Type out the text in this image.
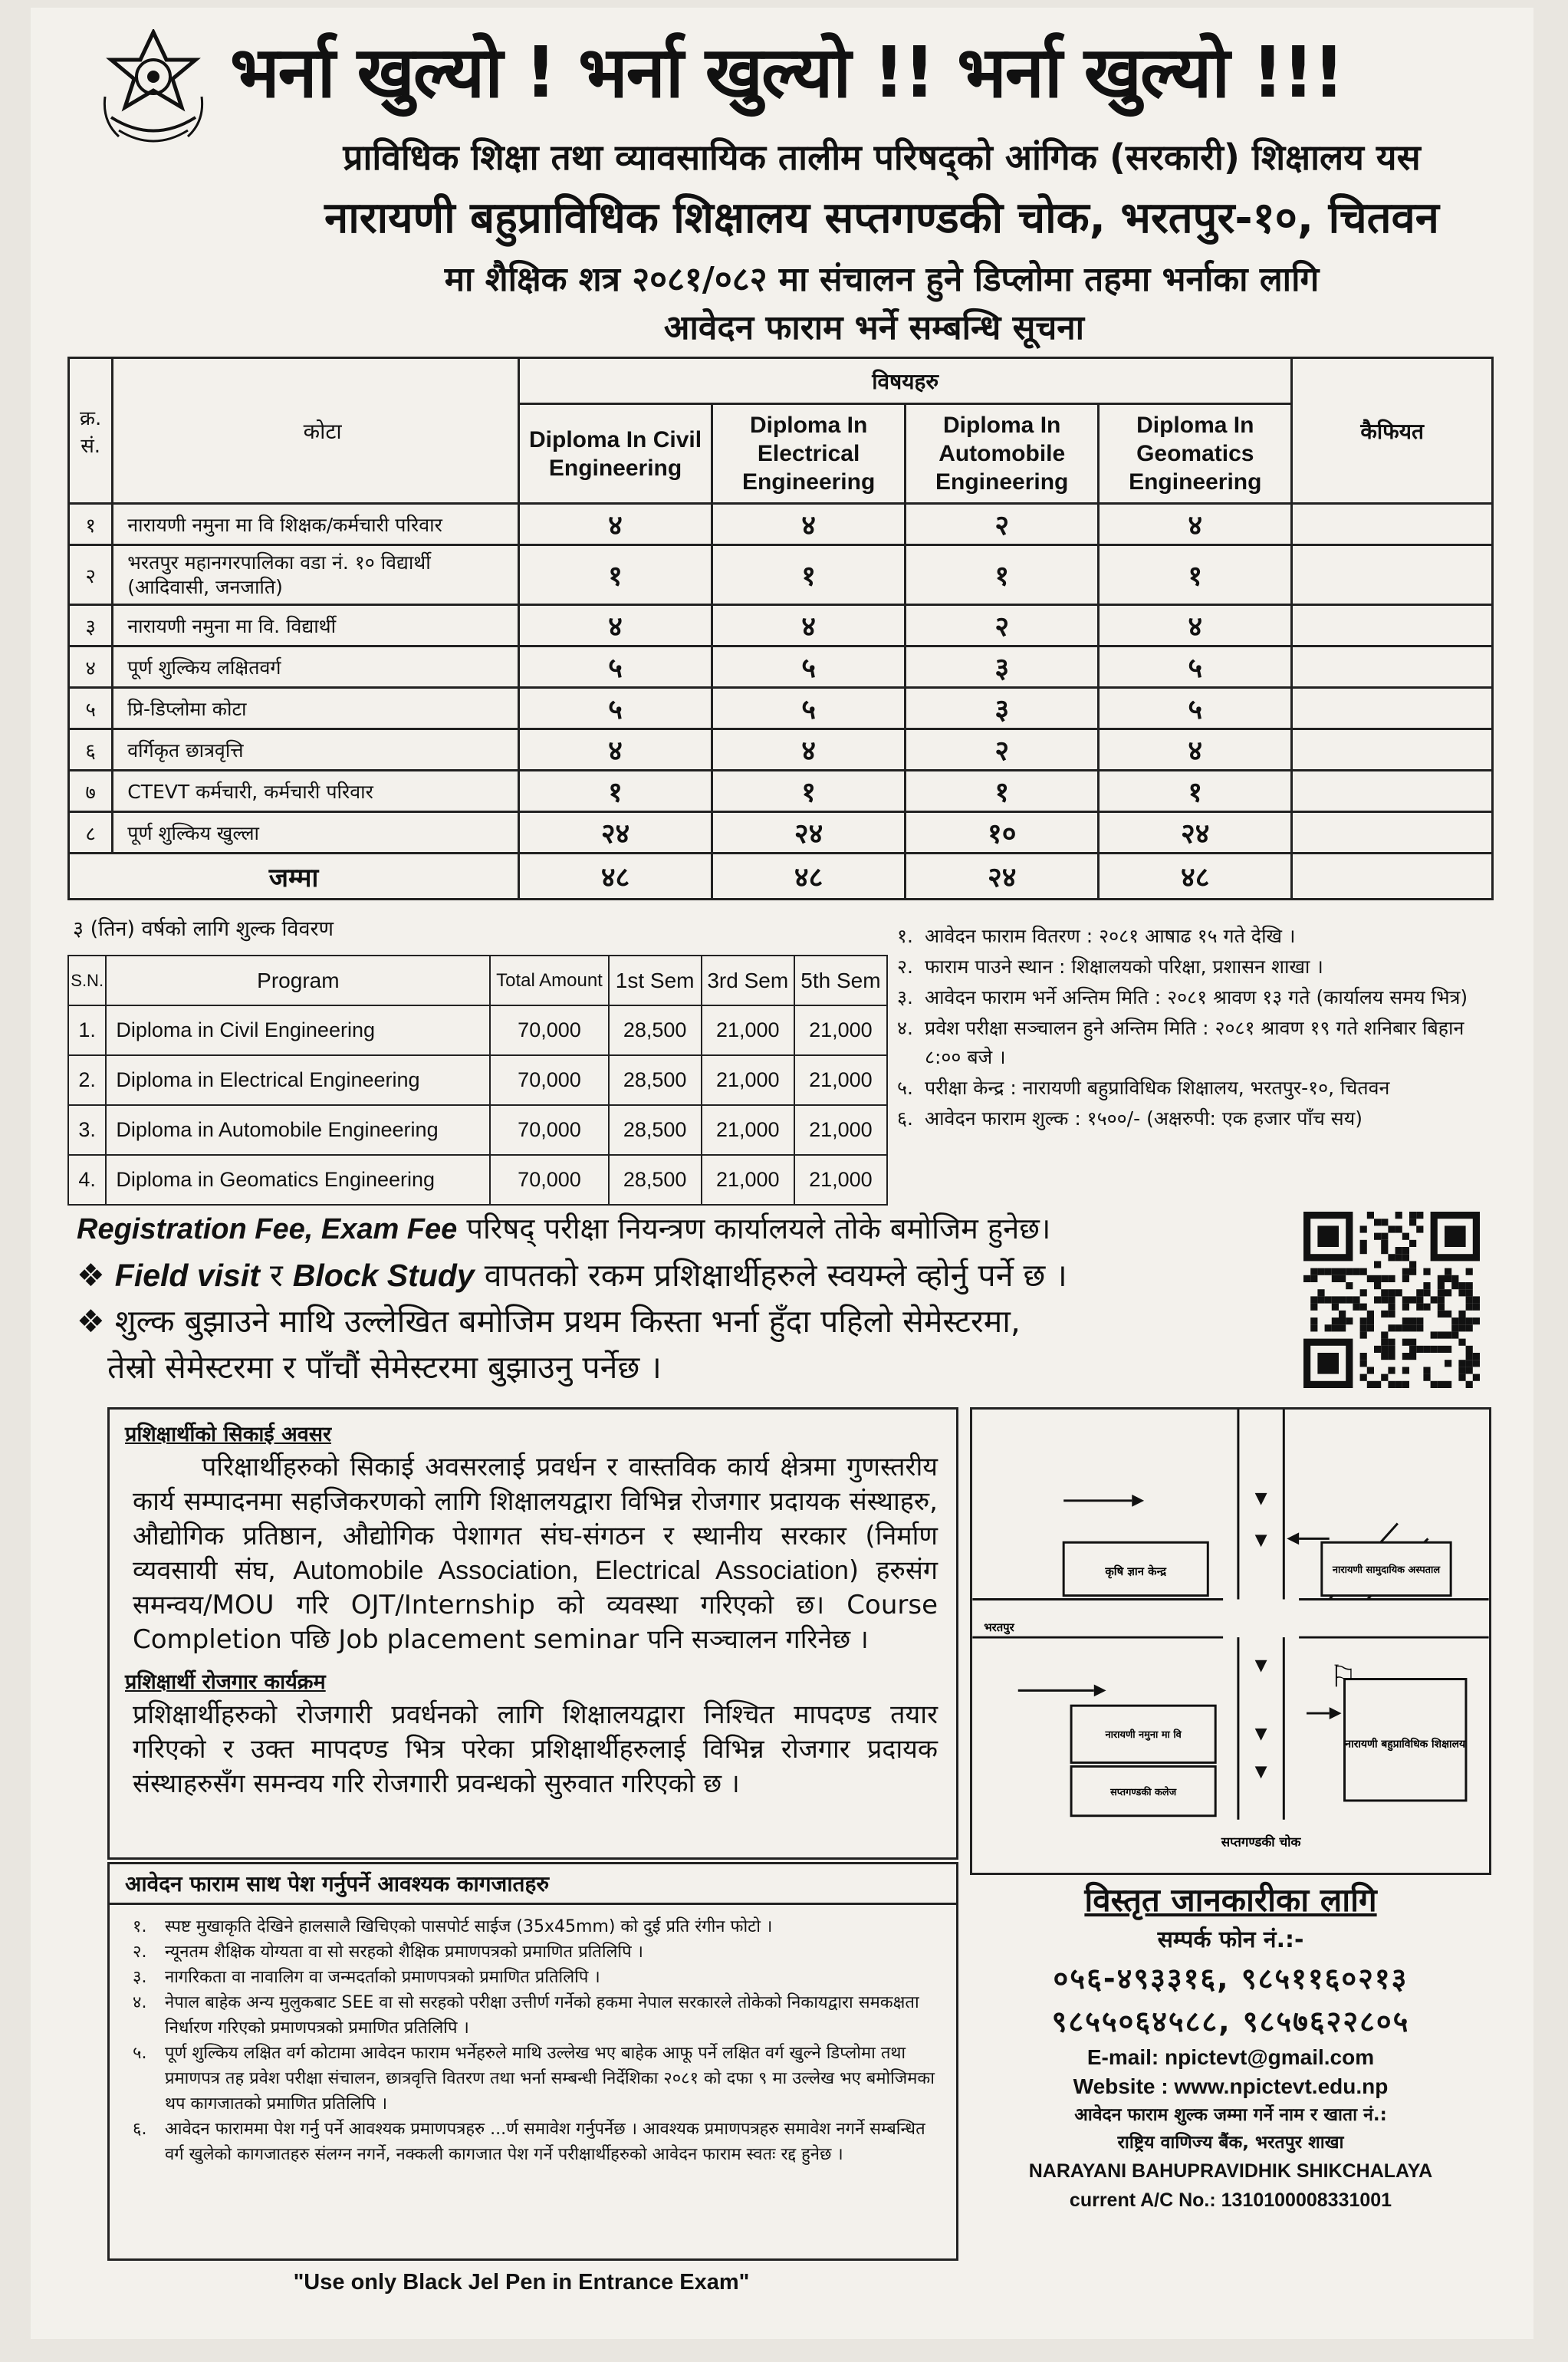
भर्ना खुल्यो ! भर्ना खुल्यो !! भर्ना खुल्यो !!!
प्राविधिक शिक्षा तथा व्यावसायिक तालीम परिषद्को आंगिक (सरकारी) शिक्षालय यस
नारायणी बहुप्राविधिक शिक्षालय सप्तगण्डकी चोक, भरतपुर-१०, चितवन
मा शैक्षिक शत्र २०८१/०८२ मा संचालन हुने डिप्लोमा तहमा भर्नाका लागि
आवेदन फाराम भर्ने सम्बन्धि सूचना
क्र. सं.	कोटा	विषयहरु				कैफियत
		Diploma In Civil Engineering	Diploma In Electrical Engineering	Diploma In Automobile Engineering	Diploma In Geomatics Engineering	
१	नारायणी नमुना मा वि शिक्षक/कर्मचारी परिवार	४	४	२	४	
२	भरतपुर महानगरपालिका वडा नं. १० विद्यार्थी (आदिवासी, जनजाति)	१	१	१	१	
३	नारायणी नमुना मा वि. विद्यार्थी	४	४	२	४	
४	पूर्ण शुल्किय लक्षितवर्ग	५	५	३	५	
५	प्रि-डिप्लोमा कोटा	५	५	३	५	
६	वर्गिकृत छात्रवृत्ति	४	४	२	४	
७	CTEVT कर्मचारी, कर्मचारी परिवार	१	१	१	१	
८	पूर्ण शुल्किय खुल्ला	२४	२४	१०	२४	
जम्मा		४८	४८	२४	४८	
३ (तिन) वर्षको लागि शुल्क विवरण
S.N.	Program	Total Amount	1st Sem	3rd Sem	5th Sem
1.	Diploma in Civil Engineering	70,000	28,500	21,000	21,000
2.	Diploma in Electrical Engineering	70,000	28,500	21,000	21,000
3.	Diploma in Automobile Engineering	70,000	28,500	21,000	21,000
4.	Diploma in Geomatics Engineering	70,000	28,500	21,000	21,000
१. आवेदन फाराम वितरण : २०८१ आषाढ १५ गते देखि ।
२. फाराम पाउने स्थान : शिक्षालयको परिक्षा, प्रशासन शाखा ।
३. आवेदन फाराम भर्ने अन्तिम मिति : २०८१ श्रावण १३ गते (कार्यालय समय भित्र)
४. प्रवेश परीक्षा सञ्चालन हुने अन्तिम मिति : २०८१ श्रावण १९ गते शनिबार बिहान ८:०० बजे ।
५. परीक्षा केन्द्र : नारायणी बहुप्राविधिक शिक्षालय, भरतपुर-१०, चितवन
६. आवेदन फाराम शुल्क : १५००/- (अक्षरुपी: एक हजार पाँच सय)
Registration Fee, Exam Fee परिषद् परीक्षा नियन्त्रण कार्यालयले तोके बमोजिम हुनेछ।
❖ Field visit र Block Study वापतको रकम प्रशिक्षार्थीहरुले स्वयम्ले व्होर्नु पर्ने छ ।
❖ शुल्क बुझाउने माथि उल्लेखित बमोजिम प्रथम किस्ता भर्ना हुँदा पहिलो सेमेस्टरमा,
तेस्रो सेमेस्टरमा र पाँचौं सेमेस्टरमा बुझाउनु पर्नेछ ।
प्रशिक्षार्थीको सिकाई अवसर

परिक्षार्थीहरुको सिकाई अवसरलाई प्रवर्धन र वास्तविक कार्य क्षेत्रमा गुणस्तरीय कार्य सम्पादनमा सहजिकरणको लागि शिक्षालयद्वारा विभिन्न रोजगार प्रदायक संस्थाहरु, औद्योगिक प्रतिष्ठान, औद्योगिक पेशागत संघ-संगठन र स्थानीय सरकार (निर्माण व्यवसायी संघ, Automobile Association, Electrical Association) हरुसंग समन्वय/MOU गरि OJT/Internship को व्यवस्था गरिएको छ। Course Completion पछि Job placement seminar पनि सञ्चालन गरिनेछ ।

प्रशिक्षार्थी रोजगार कार्यक्रम

प्रशिक्षार्थीहरुको रोजगारी प्रवर्धनको लागि शिक्षालयद्वारा निश्चित मापदण्ड तयार गरिएको र उक्त मापदण्ड भित्र परेका प्रशिक्षार्थीहरुलाई विभिन्न रोजगार प्रदायक संस्थाहरुसँग समन्वय गरि रोजगारी प्रवन्धको सुरुवात गरिएको छ ।

कृषि ज्ञान केन्द्र	नारायणी सामुदायिक अस्पताल
भरतपुर
नारायणी नमुना मा वि
सप्तगण्डकी कलेज
नारायणी बहुप्राविधिक शिक्षालय
⚐
सप्तगण्डकी चोक
आवेदन फाराम साथ पेश गर्नुपर्ने आवश्यक कागजातहरु
१.	स्पष्ट मुखाकृति देखिने हालसालै खिचिएको पासपोर्ट साईज (35x45mm) को दुई प्रति रंगीन फोटो ।
२.	न्यूनतम शैक्षिक योग्यता वा सो सरहको शैक्षिक प्रमाणपत्रको प्रमाणित प्रतिलिपि ।
३.	नागरिकता वा नावालिग वा जन्मदर्ताको प्रमाणपत्रको प्रमाणित प्रतिलिपि ।
४.	नेपाल बाहेक अन्य मुलुकबाट SEE वा सो सरहको परीक्षा उत्तीर्ण गर्नेको हकमा नेपाल सरकारले तोकेको निकायद्वारा समकक्षता निर्धारण गरिएको प्रमाणपत्रको प्रमाणित प्रतिलिपि ।
५.	पूर्ण शुल्किय लक्षित वर्ग कोटामा आवेदन फाराम भर्नेहरुले माथि उल्लेख भए बाहेक आफू पर्ने लक्षित वर्ग खुल्ने डिप्लोमा तथा प्रमाणपत्र तह प्रवेश परीक्षा संचालन, छात्रवृत्ति वितरण तथा भर्ना सम्बन्धी निर्देशिका २०८१ को दफा ९ मा उल्लेख भए बमोजिमका थप कागजातको प्रमाणित प्रतिलिपि ।
६.	आवेदन फाराममा पेश गर्नु पर्ने आवश्यक प्रमाणपत्रहरु ...र्ण समावेश गर्नुपर्नेछ । आवश्यक प्रमाणपत्रहरु समावेश नगर्ने सम्बन्धित वर्ग खुलेको कागजातहरु संलग्न नगर्ने, नक्कली कागजात पेश गर्ने परीक्षार्थीहरुको आवेदन फाराम स्वतः रद्द हुनेछ ।
विस्तृत जानकारीका लागि
सम्पर्क फोन नं.:-
०५६-४९३३१६, ९८५११६०२१३
९८५५०६४५८८, ९८५७६२२८०५
E-mail: npictevt@gmail.com
Website : www.npictevt.edu.np
आवेदन फाराम शुल्क जम्मा गर्ने नाम र खाता नं.:
राष्ट्रिय वाणिज्य बैंक, भरतपुर शाखा
NARAYANI BAHUPRAVIDHIK SHIKCHALAYA
current A/C No.: 1310100008331001
"Use only Black Jel Pen in Entrance Exam"
